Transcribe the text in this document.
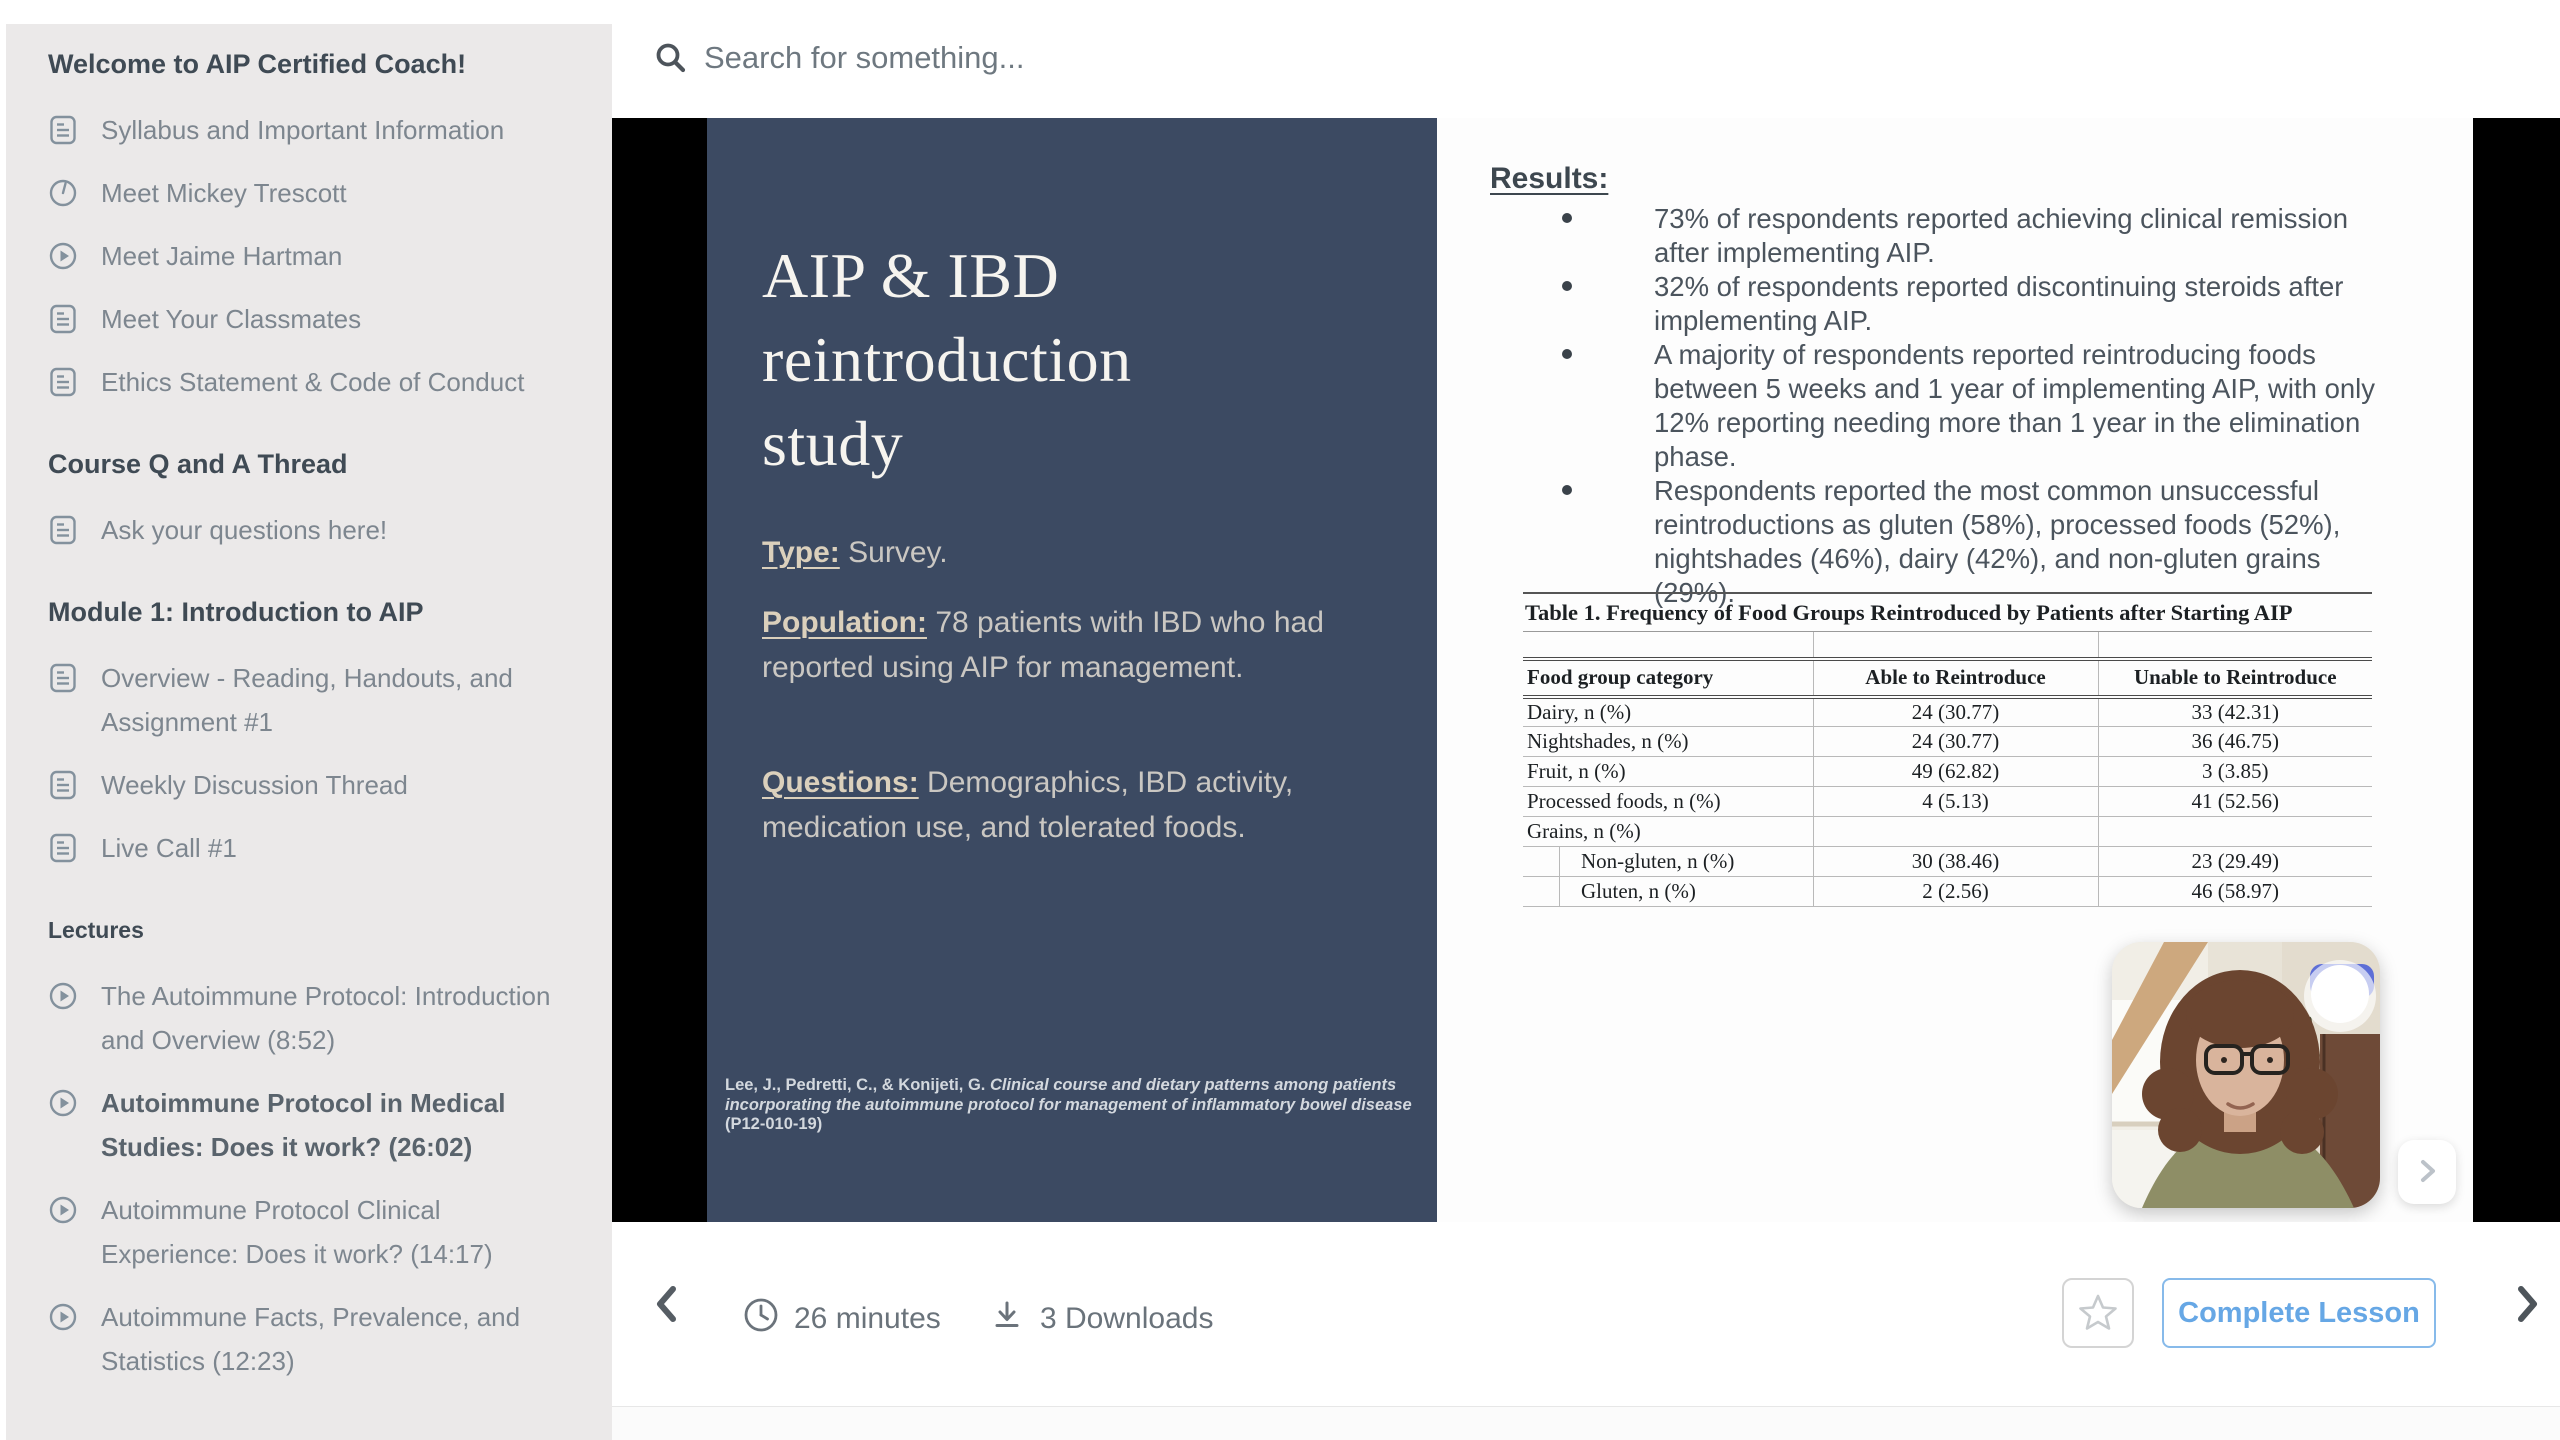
Welcome to AIP Certified Coach!
Syllabus and Important Information
Meet Mickey Trescott
Meet Jaime Hartman
Meet Your Classmates
Ethics Statement & Code of Conduct
Course Q and A Thread
Ask your questions here!
Module 1: Introduction to AIP
Overview - Reading, Handouts, and Assignment #1
Weekly Discussion Thread
Live Call #1
Lectures
The Autoimmune Protocol: Introduction and Overview (8:52)
Autoimmune Protocol in Medical Studies: Does it work? (26:02)
Autoimmune Protocol Clinical Experience: Does it work? (14:17)
Autoimmune Facts, Prevalence, and Statistics (12:23)
Search for something...
AIP & IBD
reintroduction
study

Type: Survey.

Population: 78 patients with IBD who had reported using AIP for management.

Questions: Demographics, IBD activity, medication use, and tolerated foods.

Lee, J., Pedretti, C., & Konijeti, G. Clinical course and dietary patterns among patients incorporating the autoimmune protocol for management of inflammatory bowel disease (P12-010-19)

Results:
73% of respondents reported achieving clinical remission after implementing AIP.
32% of respondents reported discontinuing steroids after implementing AIP.
A majority of respondents reported reintroducing foods between 5 weeks and 1 year of implementing AIP, with only 12% reporting needing more than 1 year in the elimination phase.
Respondents reported the most common unsuccessful reintroductions as gluten (58%), processed foods (52%), nightshades (46%), dairy (42%), and non-gluten grains (29%).
Table 1. Frequency of Food Groups Reintroduced by Patients after Starting AIP		

Food group category	Able to Reintroduce	Unable to Reintroduce
Dairy, n (%)	24 (30.77)	33 (42.31)
Nightshades, n (%)	24 (30.77)	36 (46.75)
Fruit, n (%)	49 (62.82)	3 (3.85)
Processed foods, n (%)	4 (5.13)	41 (52.56)
Grains, n (%)		
Non-gluten, n (%)	30 (38.46)	23 (29.49)
Gluten, n (%)	2 (2.56)	46 (58.97)
26 minutes	3 Downloads	Complete Lesson
